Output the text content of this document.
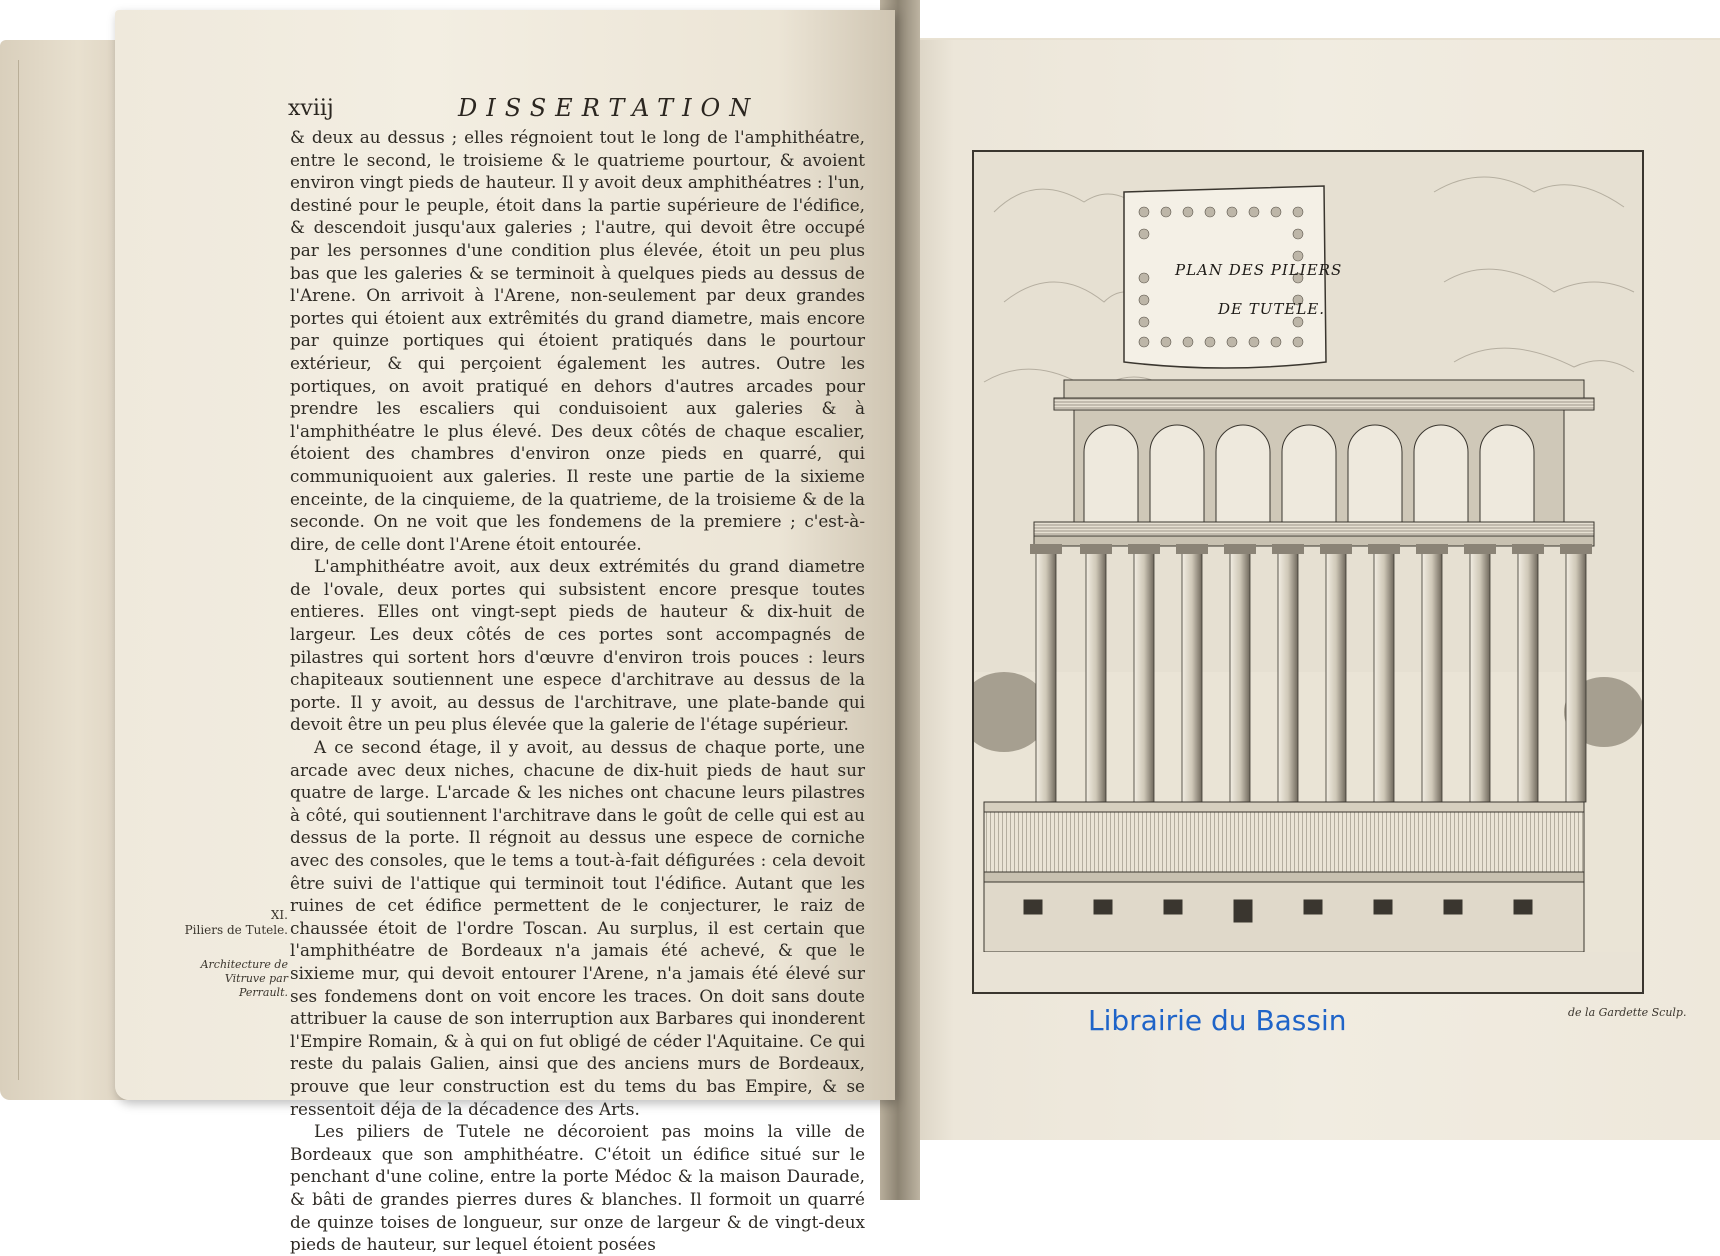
xviij	DISSERTATION

& deux au dessus ; elles régnoient tout le long de l'amphithéatre, entre le second, le troisieme & le quatrieme pourtour, & avoient environ vingt pieds de hauteur. Il y avoit deux amphithéatres : l'un, destiné pour le peuple, étoit dans la partie supérieure de l'édifice, & descendoit jusqu'aux galeries ; l'autre, qui devoit être occupé par les personnes d'une condition plus élevée, étoit un peu plus bas que les galeries & se terminoit à quelques pieds au dessus de l'Arene. On arrivoit à l'Arene, non-seulement par deux grandes portes qui étoient aux extrêmités du grand diametre, mais encore par quinze portiques qui étoient pratiqués dans le pourtour extérieur, & qui perçoient également les autres. Outre les portiques, on avoit pratiqué en dehors d'autres arcades pour prendre les escaliers qui conduisoient aux galeries & à l'amphithéatre le plus élevé. Des deux côtés de chaque escalier, étoient des chambres d'environ onze pieds en quarré, qui communiquoient aux galeries. Il reste une partie de la sixieme enceinte, de la cinquieme, de la quatrieme, de la troisieme & de la seconde. On ne voit que les fondemens de la premiere ; c'est-à-dire, de celle dont l'Arene étoit entourée.

L'amphithéatre avoit, aux deux extrémités du grand diametre de l'ovale, deux portes qui subsistent encore presque toutes entieres. Elles ont vingt-sept pieds de hauteur & dix-huit de largeur. Les deux côtés de ces portes sont accompagnés de pilastres qui sortent hors d'œuvre d'environ trois pouces : leurs chapiteaux soutiennent une espece d'architrave au dessus de la porte. Il y avoit, au dessus de l'architrave, une plate-bande qui devoit être un peu plus élevée que la galerie de l'étage supérieur.

A ce second étage, il y avoit, au dessus de chaque porte, une arcade avec deux niches, chacune de dix-huit pieds de haut sur quatre de large. L'arcade & les niches ont chacune leurs pilastres à côté, qui soutiennent l'architrave dans le goût de celle qui est au dessus de la porte. Il régnoit au dessus une espece de corniche avec des consoles, que le tems a tout-à-fait défigurées : cela devoit être suivi de l'attique qui terminoit tout l'édifice. Autant que les ruines de cet édifice permettent de le conjecturer, le raiz de chaussée étoit de l'ordre Toscan. Au surplus, il est certain que l'amphithéatre de Bordeaux n'a jamais été achevé, & que le sixieme mur, qui devoit entourer l'Arene, n'a jamais été élevé sur ses fondemens dont on voit encore les traces. On doit sans doute attribuer la cause de son interruption aux Barbares qui inonderent l'Empire Romain, & à qui on fut obligé de céder l'Aquitaine. Ce qui reste du palais Galien, ainsi que des anciens murs de Bordeaux, prouve que leur construction est du tems du bas Empire, & se ressentoit déja de la décadence des Arts.

Les piliers de Tutele ne décoroient pas moins la ville de Bordeaux que son amphithéatre. C'étoit un édifice situé sur le penchant d'une coline, entre la porte Médoc & la maison Daurade, & bâti de grandes pierres dures & blanches. Il formoit un quarré de quinze toises de longueur, sur onze de largeur & de vingt-deux pieds de hauteur, sur lequel étoient posées

XI.
Piliers de Tutele.
Architecture de Vitruve par Perrault.
PLAN DES PILIERS
DE TUTELE.
de la Gardette Sculp.
Librairie du Bassin
